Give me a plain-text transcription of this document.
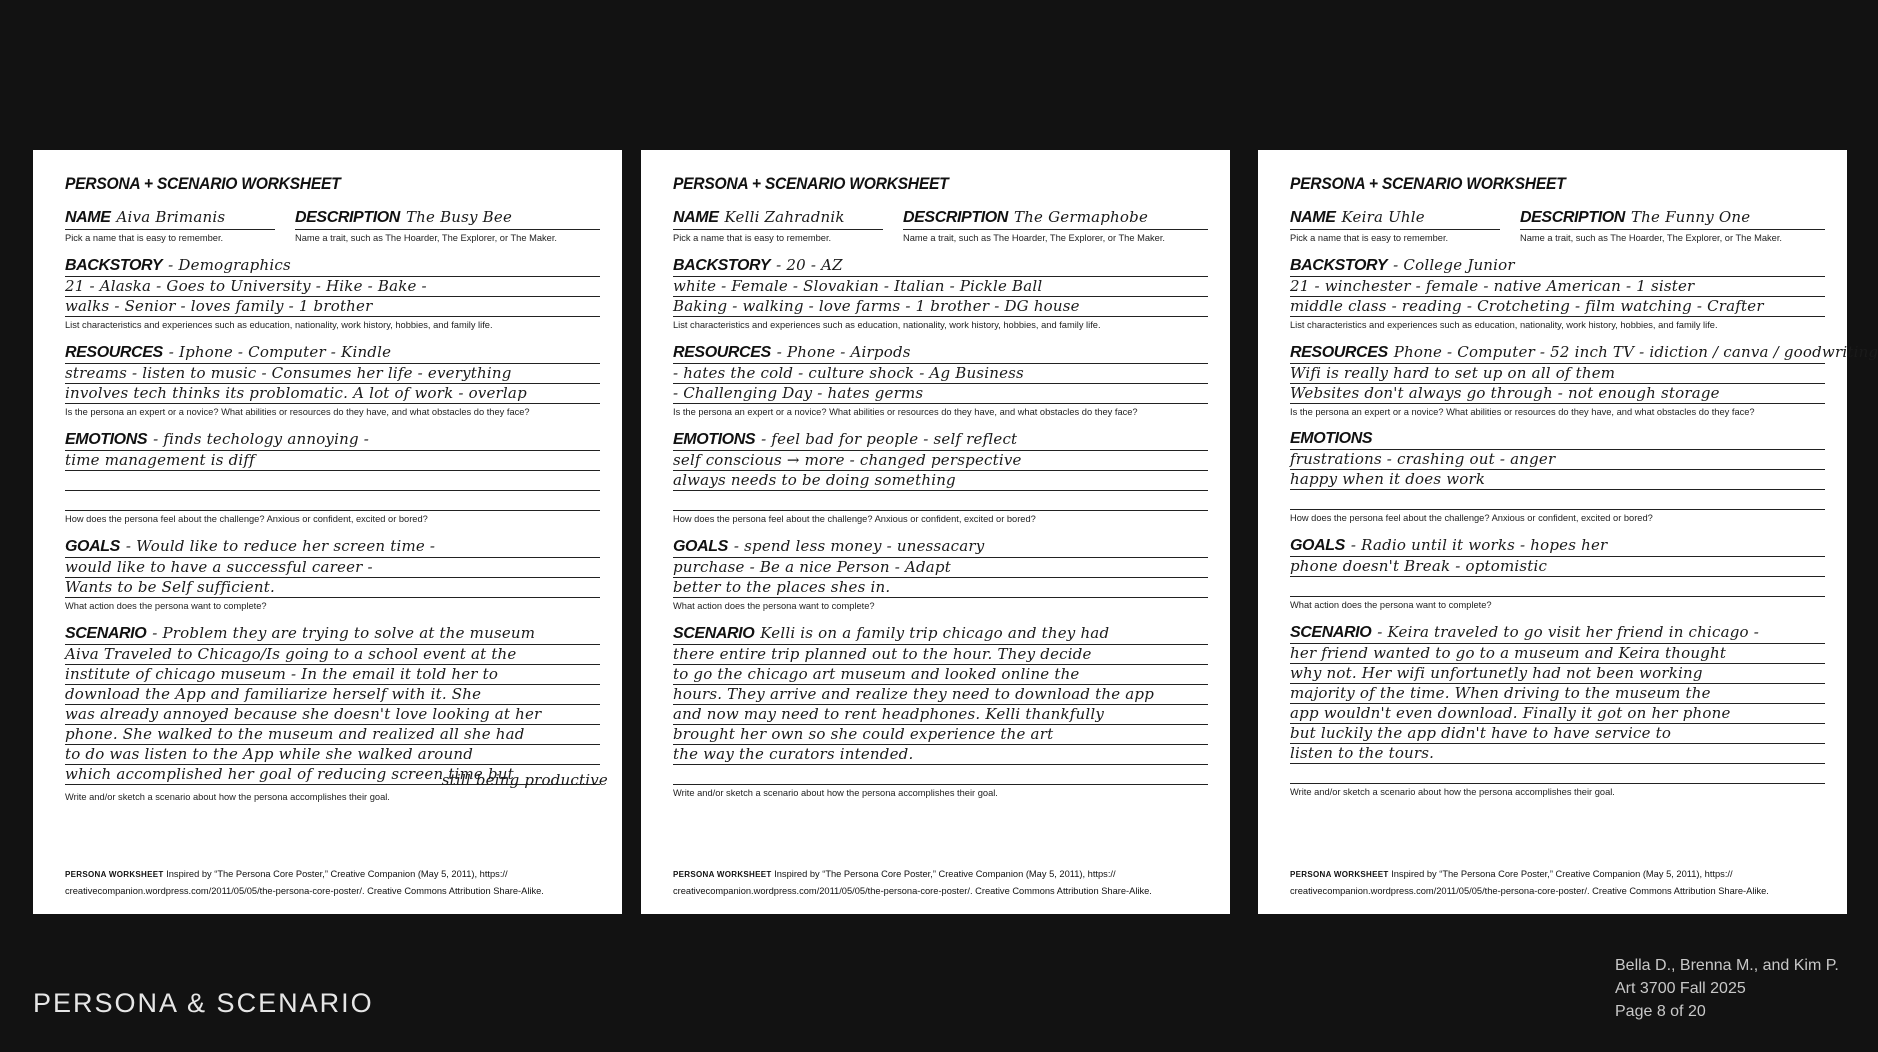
PERSONA + SCENARIO WORKSHEET
NAME Aiva Brimanis
Pick a name that is easy to remember.
DESCRIPTION The Busy Bee
Name a trait, such as The Hoarder, The Explorer, or The Maker.
BACKSTORY - Demographics
21 - Alaska - Goes to University - Hike - Bake -
walks - Senior - loves family - 1 brother
List characteristics and experiences such as education, nationality, work history, hobbies, and family life.
RESOURCES - Iphone - Computer - Kindle
streams - listen to music - Consumes her life - everything
involves tech thinks its problomatic. A lot of work - overlap
Is the persona an expert or a novice? What abilities or resources do they have, and what obstacles do they face?
EMOTIONS - finds techology annoying -
time management is diff
How does the persona feel about the challenge? Anxious or confident, excited or bored?
GOALS - Would like to reduce her screen time -
would like to have a successful career -
Wants to be Self sufficient.
What action does the persona want to complete?
SCENARIO - Problem they are trying to solve at the museum
Aiva Traveled to Chicago/Is going to a school event at the
institute of chicago museum - In the email it told her to
download the App and familiarize herself with it. She
was already annoyed because she doesn't love looking at her
phone. She walked to the museum and realized all she had
to do was listen to the App while she walked around
which accomplished her goal of reducing screen time but
still being productive
Write and/or sketch a scenario about how the persona accomplishes their goal.
PERSONA WORKSHEET Inspired by “The Persona Core Poster,” Creative Companion (May 5, 2011), https://
creativecompanion.wordpress.com/2011/05/05/the-persona-core-poster/. Creative Commons Attribution Share-Alike.
PERSONA + SCENARIO WORKSHEET
NAME Kelli Zahradnik
Pick a name that is easy to remember.
DESCRIPTION The Germaphobe
Name a trait, such as The Hoarder, The Explorer, or The Maker.
BACKSTORY - 20 - AZ
white - Female - Slovakian - Italian - Pickle Ball
Baking - walking - love farms - 1 brother - DG house
List characteristics and experiences such as education, nationality, work history, hobbies, and family life.
RESOURCES - Phone - Airpods
- hates the cold - culture shock - Ag Business
- Challenging Day - hates germs
Is the persona an expert or a novice? What abilities or resources do they have, and what obstacles do they face?
EMOTIONS - feel bad for people - self reflect
self conscious → more - changed perspective
always needs to be doing something
How does the persona feel about the challenge? Anxious or confident, excited or bored?
GOALS - spend less money - unessacary
purchase - Be a nice Person - Adapt
better to the places shes in.
What action does the persona want to complete?
SCENARIO Kelli is on a family trip chicago and they had
there entire trip planned out to the hour. They decide
to go the chicago art museum and looked online the
hours. They arrive and realize they need to download the app
and now may need to rent headphones. Kelli thankfully
brought her own so she could experience the art
the way the curators intended.
Write and/or sketch a scenario about how the persona accomplishes their goal.
PERSONA WORKSHEET Inspired by “The Persona Core Poster,” Creative Companion (May 5, 2011), https://
creativecompanion.wordpress.com/2011/05/05/the-persona-core-poster/. Creative Commons Attribution Share-Alike.
PERSONA + SCENARIO WORKSHEET
NAME Keira Uhle
Pick a name that is easy to remember.
DESCRIPTION The Funny One
Name a trait, such as The Hoarder, The Explorer, or The Maker.
BACKSTORY - College Junior
21 - winchester - female - native American - 1 sister
middle class - reading - Crotcheting - film watching - Crafter
List characteristics and experiences such as education, nationality, work history, hobbies, and family life.
RESOURCES Phone - Computer - 52 inch TV - idiction / canva / goodwriting
Wifi is really hard to set up on all of them
Websites don't always go through - not enough storage
Is the persona an expert or a novice? What abilities or resources do they have, and what obstacles do they face?
EMOTIONS
frustrations - crashing out - anger
happy when it does work
How does the persona feel about the challenge? Anxious or confident, excited or bored?
GOALS - Radio until it works - hopes her
phone doesn't Break - optomistic
What action does the persona want to complete?
SCENARIO - Keira traveled to go visit her friend in chicago -
her friend wanted to go to a museum and Keira thought
why not. Her wifi unfortunetly had not been working
majority of the time. When driving to the museum the
app wouldn't even download. Finally it got on her phone
but luckily the app didn't have to have service to
listen to the tours.
Write and/or sketch a scenario about how the persona accomplishes their goal.
PERSONA WORKSHEET Inspired by “The Persona Core Poster,” Creative Companion (May 5, 2011), https://
creativecompanion.wordpress.com/2011/05/05/the-persona-core-poster/. Creative Commons Attribution Share-Alike.
PERSONA & SCENARIO
Bella D., Brenna M., and Kim P.
Art 3700 Fall 2025
Page 8 of 20
